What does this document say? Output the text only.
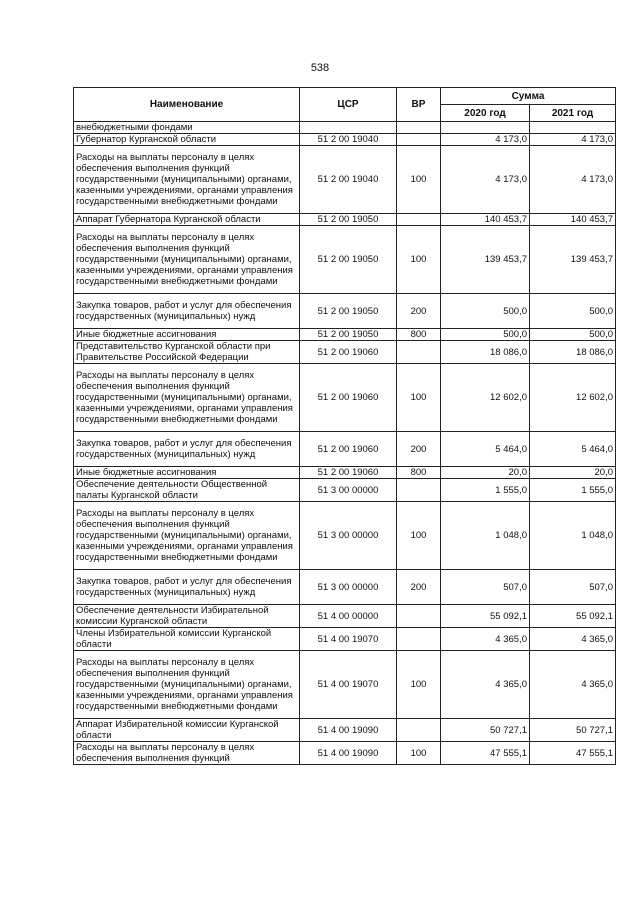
538
Наименование	ЦСР	ВР	Сумма	
			2020 год	2021 год
внебюджетными фондами				
Губернатор Курганской области	51 2 00 19040		4 173,0	4 173,0
Расходы на выплаты персоналу в целях обеспечения выполнения функций государственными (муниципальными) органами, казенными учреждениями, органами управления государственными внебюджетными фондами	51 2 00 19040	100	4 173,0	4 173,0
Аппарат Губернатора Курганской области	51 2 00 19050		140 453,7	140 453,7
Расходы на выплаты персоналу в целях обеспечения выполнения функций государственными (муниципальными) органами, казенными учреждениями, органами управления государственными внебюджетными фондами	51 2 00 19050	100	139 453,7	139 453,7
Закупка товаров, работ и услуг для обеспечения государственных (муниципальных) нужд	51 2 00 19050	200	500,0	500,0
Иные бюджетные ассигнования	51 2 00 19050	800	500,0	500,0
Представительство Курганской области при Правительстве Российской Федерации	51 2 00 19060		18 086,0	18 086,0
Расходы на выплаты персоналу в целях обеспечения выполнения функций государственными (муниципальными) органами, казенными учреждениями, органами управления государственными внебюджетными фондами	51 2 00 19060	100	12 602,0	12 602,0
Закупка товаров, работ и услуг для обеспечения государственных (муниципальных) нужд	51 2 00 19060	200	5 464,0	5 464,0
Иные бюджетные ассигнования	51 2 00 19060	800	20,0	20,0
Обеспечение деятельности Общественной палаты Курганской области	51 3 00 00000		1 555,0	1 555,0
Расходы на выплаты персоналу в целях обеспечения выполнения функций государственными (муниципальными) органами, казенными учреждениями, органами управления государственными внебюджетными фондами	51 3 00 00000	100	1 048,0	1 048,0
Закупка товаров, работ и услуг для обеспечения государственных (муниципальных) нужд	51 3 00 00000	200	507,0	507,0
Обеспечение деятельности Избирательной комиссии Курганской области	51 4 00 00000		55 092,1	55 092,1
Члены Избирательной комиссии Курганской области	51 4 00 19070		4 365,0	4 365,0
Расходы на выплаты персоналу в целях обеспечения выполнения функций государственными (муниципальными) органами, казенными учреждениями, органами управления государственными внебюджетными фондами	51 4 00 19070	100	4 365,0	4 365,0
Аппарат Избирательной комиссии Курганской области	51 4 00 19090		50 727,1	50 727,1
Расходы на выплаты персоналу в целях обеспечения выполнения функций	51 4 00 19090	100	47 555,1	47 555,1
